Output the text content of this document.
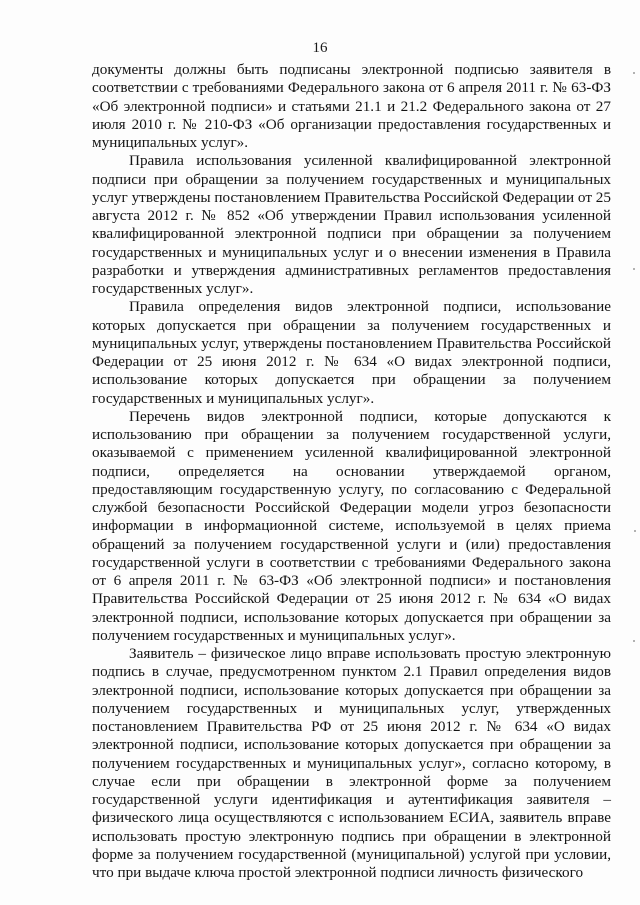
16

документы должны быть подписаны электронной подписью заявителя в соответствии с требованиями Федерального закона от 6 апреля 2011 г. № 63-ФЗ «Об электронной подписи» и статьями 21.1 и 21.2 Федерального закона от 27 июля 2010 г. № 210-ФЗ «Об организации предоставления государственных и муниципальных услуг».

Правила использования усиленной квалифицированной электронной подписи при обращении за получением государственных и муниципальных услуг утверждены постановлением Правительства Российской Федерации от 25 августа 2012 г. № 852 «Об утверждении Правил использования усиленной квалифицированной электронной подписи при обращении за получением государственных и муниципальных услуг и о внесении изменения в Правила разработки и утверждения административных регламентов предоставления государственных услуг».

Правила определения видов электронной подписи, использование которых допускается при обращении за получением государственных и муниципальных услуг, утверждены постановлением Правительства Российской Федерации от 25 июня 2012 г. № 634 «О видах электронной подписи, использование которых допускается при обращении за получением государственных и муниципальных услуг».

Перечень видов электронной подписи, которые допускаются к использованию при обращении за получением государственной услуги, оказываемой с применением усиленной квалифицированной электронной подписи, определяется на основании утверждаемой органом, предоставляющим государственную услугу, по согласованию с Федеральной службой безопасности Российской Федерации модели угроз безопасности информации в информационной системе, используемой в целях приема обращений за получением государственной услуги и (или) предоставления государственной услуги в соответствии с требованиями Федерального закона от 6 апреля 2011 г. № 63-ФЗ «Об электронной подписи» и постановления Правительства Российской Федерации от 25 июня 2012 г. № 634 «О видах электронной подписи, использование которых допускается при обращении за получением государственных и муниципальных услуг».

Заявитель – физическое лицо вправе использовать простую электронную подпись в случае, предусмотренном пунктом 2.1 Правил определения видов электронной подписи, использование которых допускается при обращении за получением государственных и муниципальных услуг, утвержденных постановлением Правительства РФ от 25 июня 2012 г. № 634 «О видах электронной подписи, использование которых допускается при обращении за получением государственных и муниципальных услуг», согласно которому, в случае если при обращении в электронной форме за получением государственной услуги идентификация и аутентификация заявителя – физического лица осуществляются с использованием ЕСИА, заявитель вправе использовать простую электронную подпись при обращении в электронной форме за получением государственной (муниципальной) услугой при условии, что при выдаче ключа простой электронной подписи личность физического
